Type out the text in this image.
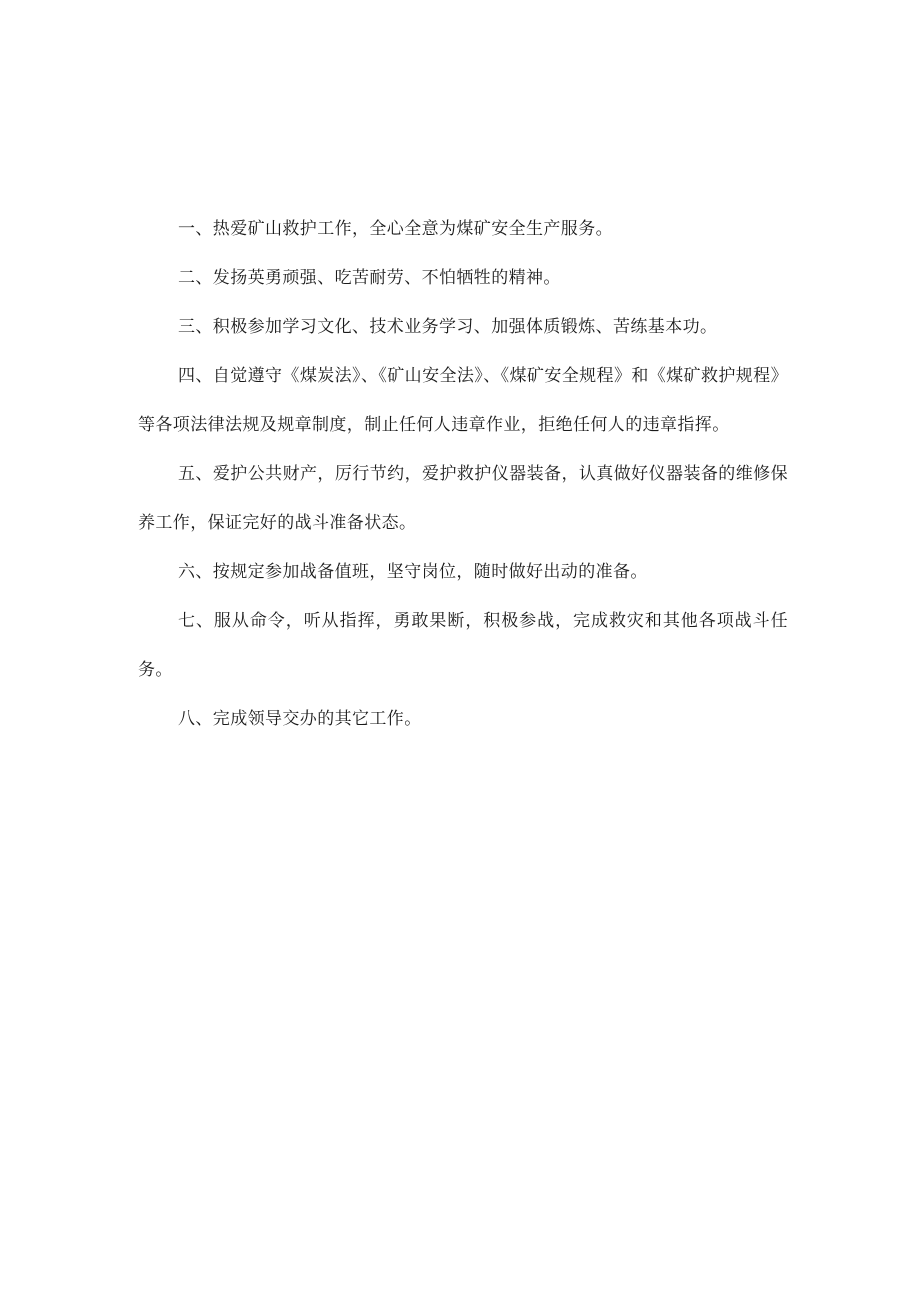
一、热爱矿山救护工作，全心全意为煤矿安全生产服务。

二、发扬英勇顽强、吃苦耐劳、不怕牺牲的精神。

三、积极参加学习文化、技术业务学习、加强体质锻炼、苦练基本功。

四、自觉遵守《煤炭法》、《矿山安全法》、《煤矿安全规程》和《煤矿救护规程》等各项法律法规及规章制度，制止任何人违章作业，拒绝任何人的违章指挥。

五、爱护公共财产，厉行节约，爱护救护仪器装备，认真做好仪器装备的维修保养工作，保证完好的战斗准备状态。

六、按规定参加战备值班，坚守岗位，随时做好出动的准备。

七、服从命令，听从指挥，勇敢果断，积极参战，完成救灾和其他各项战斗任务。

八、完成领导交办的其它工作。
